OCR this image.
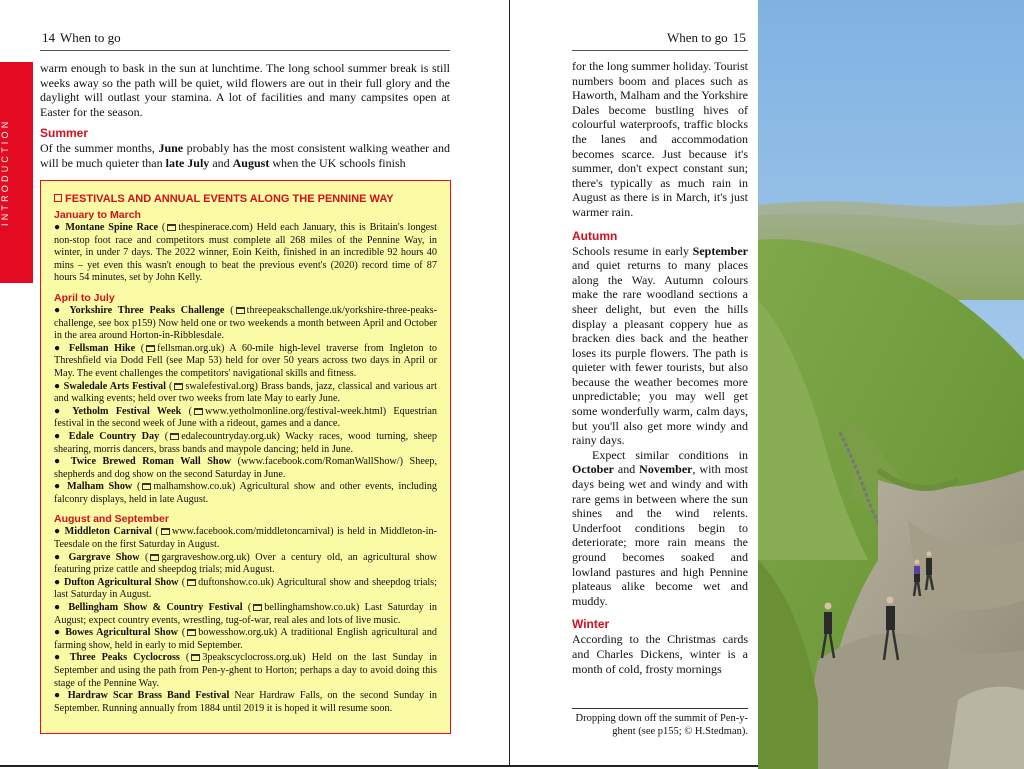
14 When to go
INTRODUCTION

warm enough to bask in the sun at lunchtime. The long school summer break is still weeks away so the path will be quiet, wild flowers are out in their full glory and the daylight will outlast your stamina. A lot of facilities and many campsites open at Easter for the season.

Summer

Of the summer months, June probably has the most consistent walking weather and will be much quieter than late July and August when the UK schools finish

FESTIVALS AND ANNUAL EVENTS ALONG THE PENNINE WAY
January to March

● Montane Spine Race ( thespinerace.com) Held each January, this is Britain's longest non-stop foot race and competitors must complete all 268 miles of the Pennine Way, in winter, in under 7 days. The 2022 winner, Eoin Keith, finished in an incredible 92 hours 40 mins – yet even this wasn't enough to beat the previous event's (2020) record time of 87 hours 54 minutes, set by John Kelly.

April to July

● Yorkshire Three Peaks Challenge ( threepeakschallenge.uk/yorkshire-three-peaks-challenge, see box p159) Now held one or two weekends a month between April and October in the area around Horton-in-Ribblesdale.

● Fellsman Hike ( fellsman.org.uk) A 60-mile high-level traverse from Ingleton to Threshfield via Dodd Fell (see Map 53) held for over 50 years across two days in April or May. The event challenges the competitors' navigational skills and fitness.

● Swaledale Arts Festival ( swalefestival.org) Brass bands, jazz, classical and various art and walking events; held over two weeks from late May to early June.

● Yetholm Festival Week ( www.yetholmonline.org/festival-week.html) Equestrian festival in the second week of June with a rideout, games and a dance.

● Edale Country Day ( edalecountryday.org.uk) Wacky races, wood turning, sheep shearing, morris dancers, brass bands and maypole dancing; held in June.

● Twice Brewed Roman Wall Show (www.facebook.com/RomanWallShow/) Sheep, shepherds and dog show on the second Saturday in June.

● Malham Show ( malhamshow.co.uk) Agricultural show and other events, including falconry displays, held in late August.

August and September

● Middleton Carnival ( www.facebook.com/middletoncarnival) is held in Middleton-in-Teesdale on the first Saturday in August.

● Gargrave Show ( gargraveshow.org.uk) Over a century old, an agricultural show featuring prize cattle and sheepdog trials; mid August.

● Dufton Agricultural Show ( duftonshow.co.uk) Agricultural show and sheepdog trials; last Saturday in August.

● Bellingham Show & Country Festival ( bellinghamshow.co.uk) Last Saturday in August; expect country events, wrestling, tug-of-war, real ales and lots of live music.

● Bowes Agricultural Show ( bowesshow.org.uk) A traditional English agricultural and farming show, held in early to mid September.

● Three Peaks Cyclocross ( 3peakscyclocross.org.uk) Held on the last Sunday in September and using the path from Pen-y-ghent to Horton; perhaps a day to avoid doing this stage of the Pennine Way.

● Hardraw Scar Brass Band Festival Near Hardraw Falls, on the second Sunday in September. Running annually from 1884 until 2019 it is hoped it will resume soon.

When to go 15

for the long summer holiday. Tourist numbers boom and places such as Haworth, Malham and the Yorkshire Dales become bustling hives of colourful waterproofs, traffic blocks the lanes and accommodation becomes scarce. Just because it's summer, don't expect constant sun; there's typically as much rain in August as there is in March, it's just warmer rain.

Autumn

Schools resume in early September and quiet returns to many places along the Way. Autumn colours make the rare woodland sections a sheer delight, but even the hills display a pleasant coppery hue as bracken dies back and the heather loses its purple flowers. The path is quieter with fewer tourists, but also because the weather becomes more unpredictable; you may well get some wonderfully warm, calm days, but you'll also get more windy and rainy days.

Expect similar conditions in October and November, with most days being wet and windy and with rare gems in between where the sun shines and the wind relents. Underfoot conditions begin to deteriorate; more rain means the ground becomes soaked and lowland pastures and high Pennine plateaus alike become wet and muddy.

Winter

According to the Christmas cards and Charles Dickens, winter is a month of cold, frosty mornings

Dropping down off the summit of Pen-y-ghent (see p155; © H.Stedman).
